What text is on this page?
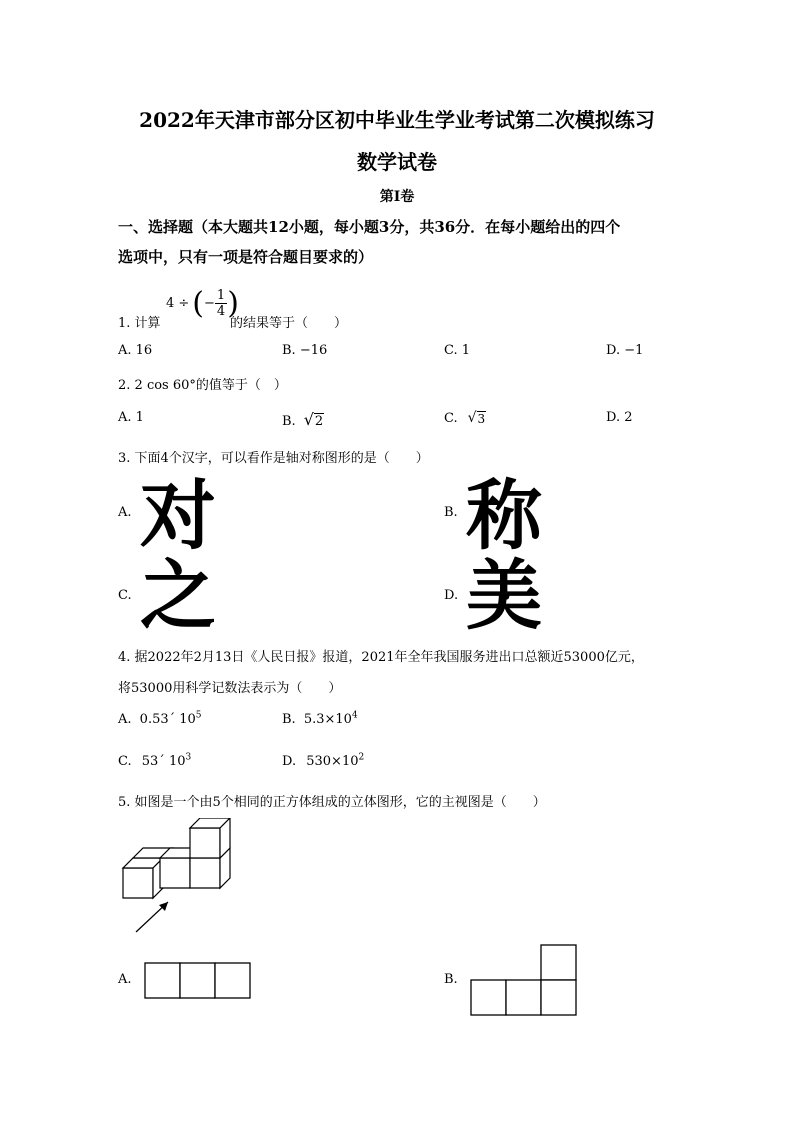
2022年天津市部分区初中毕业生学业考试第二次模拟练习
数学试卷
第Ⅰ卷
一、选择题（本大题共12小题，每小题3分，共36分．在每小题给出的四个
选项中，只有一项是符合题目要求的）
1. 计算
4 ÷ ( − $\frac{1}{4}$ )
的结果等于（　　）
A. 16	B. −16	C. 1	D. −1
2. 2 cos 60°的值等于（　）
A. 1	B. √ 2	C. √ 3	D. 2
3. 下面4个汉字，可以看作是轴对称图形的是（　　）
A. 对	B. 称
C. 之	D. 美
4. 据2022年2月13日《人民日报》报道，2021年全年我国服务进出口总额近53000亿元，
将53000用科学记数法表示为（　　）
A. 0.53´ $10^5$	B. $5.3\times 10^4$
C. 53´ $10^3$	D. $530\times 10^2$
5. 如图是一个由5个相同的正方体组成的立体图形，它的主视图是（　　）
A.	B.
